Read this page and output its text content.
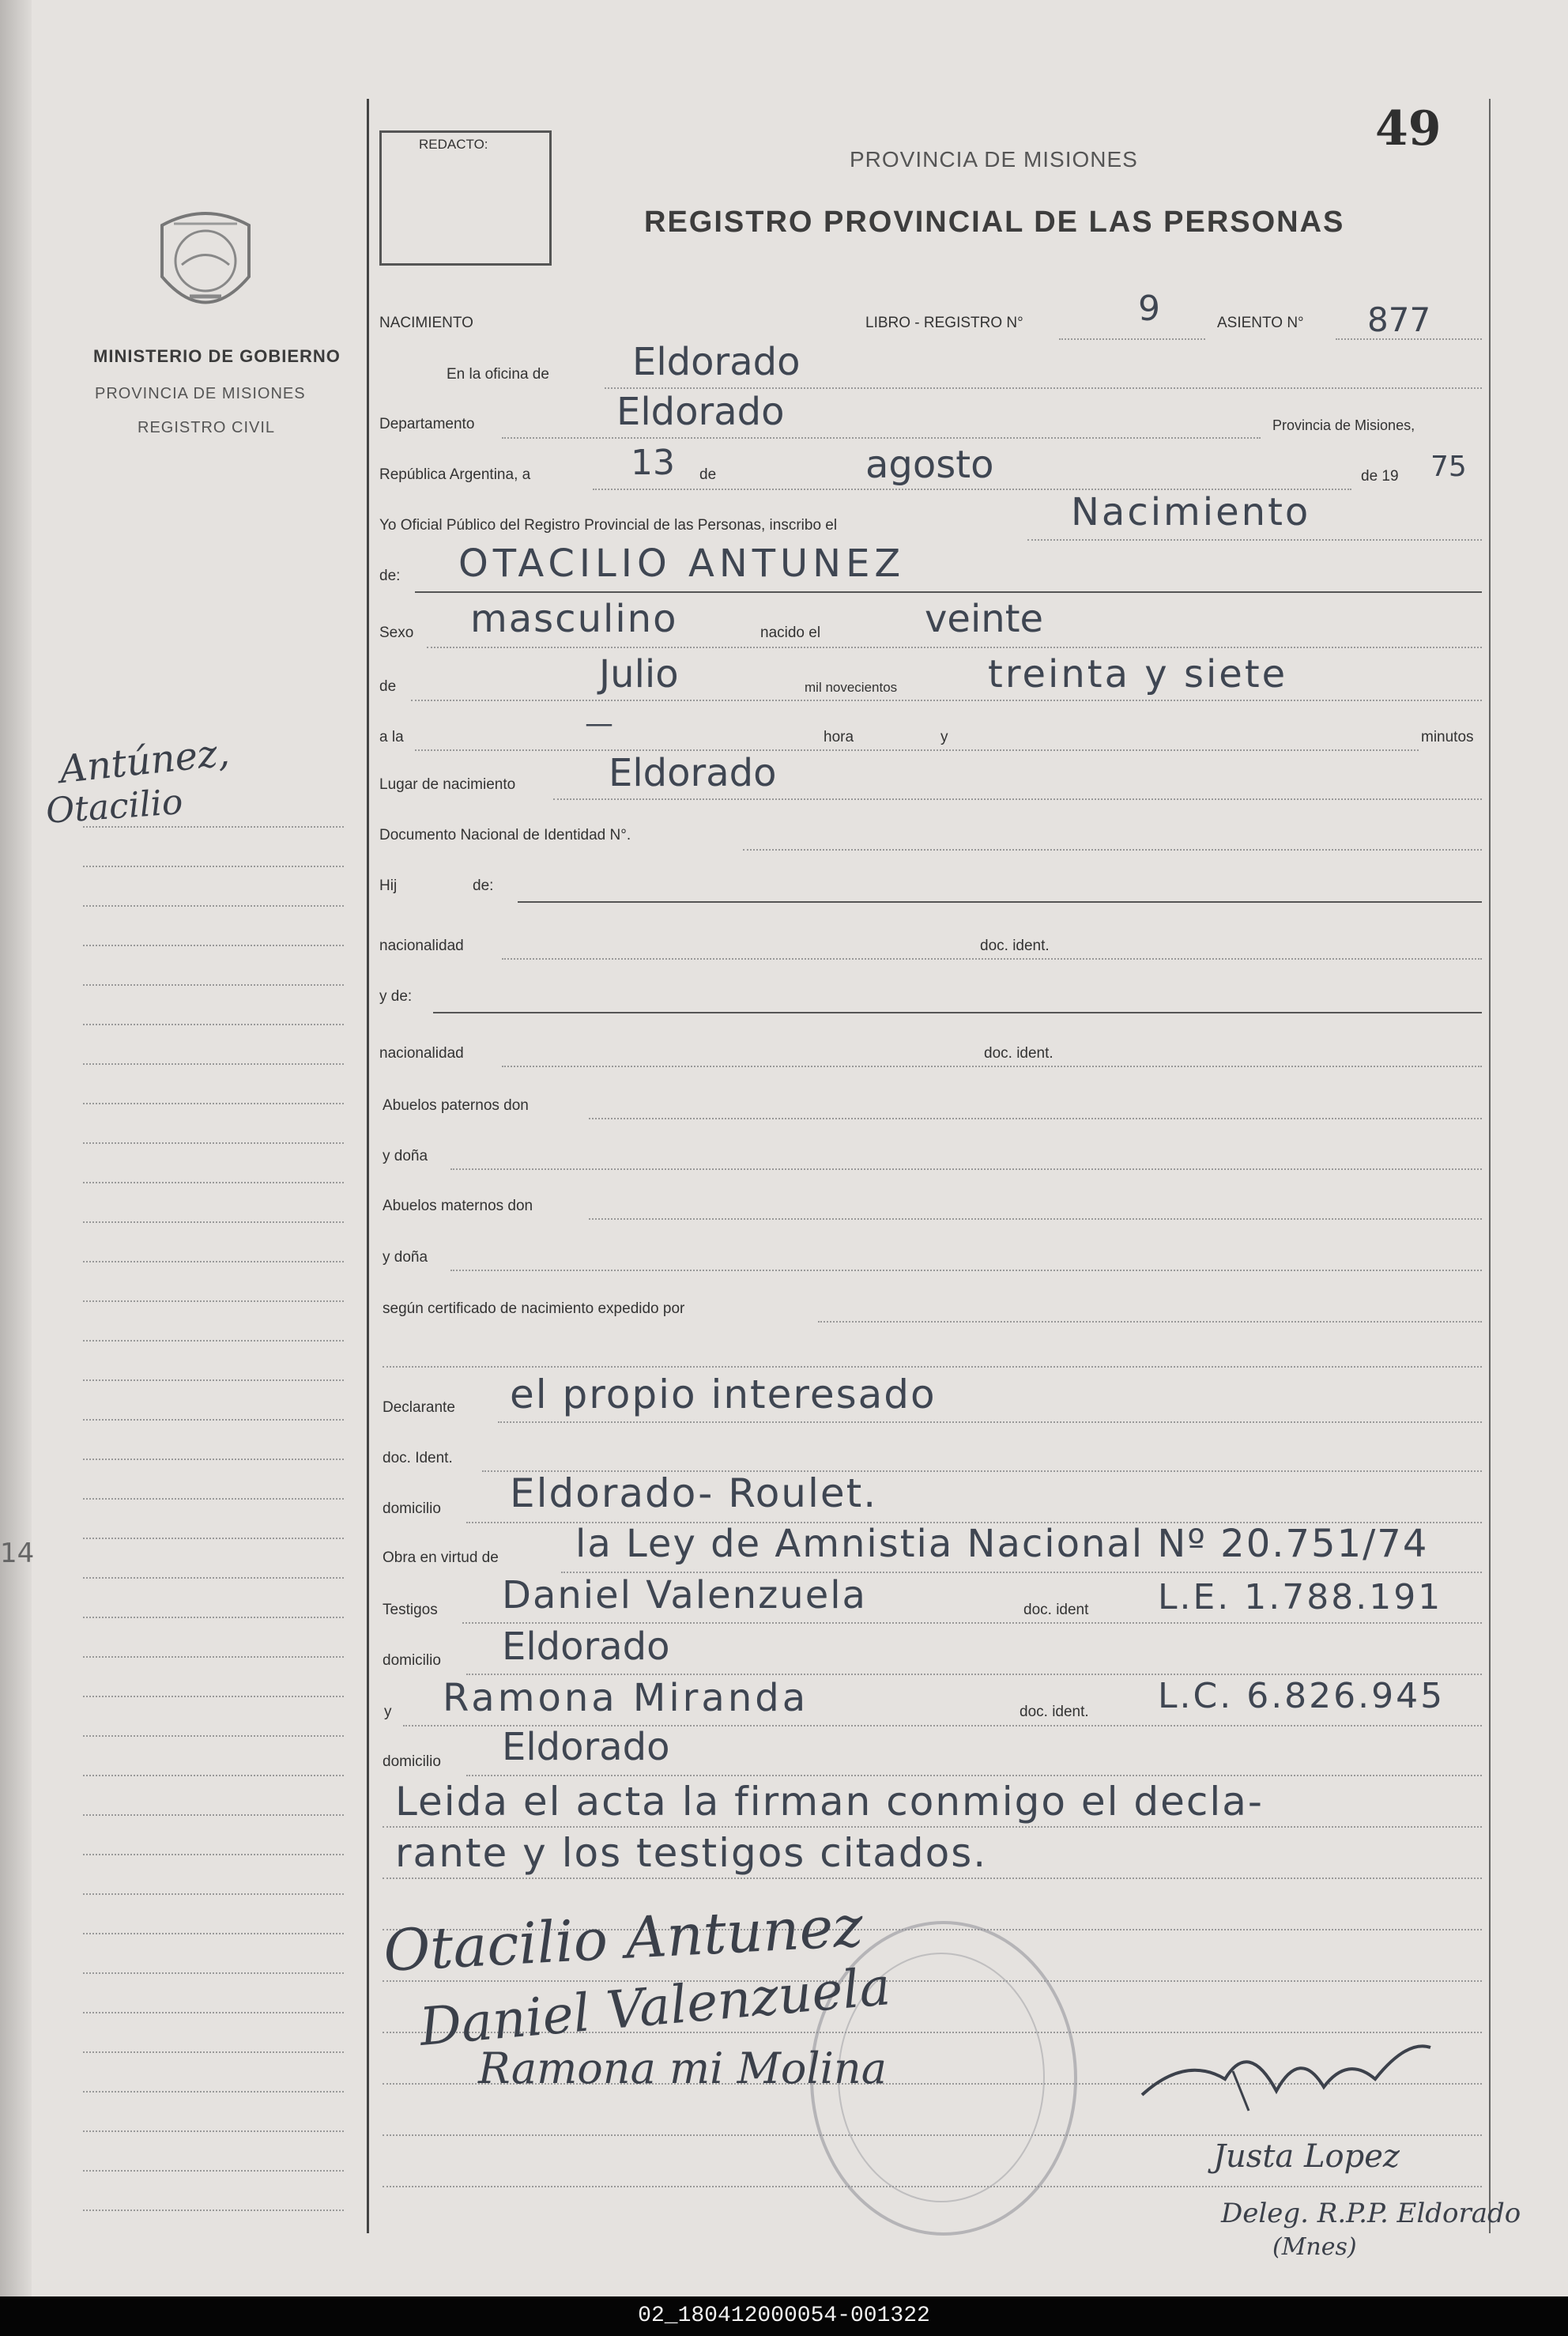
MINISTERIO DE GOBIERNO
PROVINCIA DE MISIONES
REGISTRO CIVIL
Antúnez,
Otacilio
14
REDACTO:
PROVINCIA DE MISIONES
REGISTRO PROVINCIAL DE LAS PERSONAS
49
NACIMIENTO	LIBRO - REGISTRO N°	9	ASIENTO N° 877
En la oficina de Eldorado
Departamento	Eldorado	Provincia de Misiones,
República Argentina, a	13 de	agosto	de 19 75
Yo Oficial Público del Registro Provincial de las Personas, inscribo el	Nacimiento
de: OTACILIO ANTUNEZ
Sexo masculino	nacido el	veinte
de	Julio	mil novecientos treinta y siete
a la	—	hora	y	minutos
Lugar de nacimiento Eldorado
Documento Nacional de Identidad N°.
Hij	de:
nacionalidad	doc. ident.
y de:
nacionalidad	doc. ident.
Abuelos paternos don
y doña
Abuelos maternos don
y doña
según certificado de nacimiento expedido por
Declarante el propio interesado
doc. Ident.
domicilio Eldorado- Roulet.
Obra en virtud de la Ley de Amnistia Nacional Nº 20.751/74
Testigos Daniel Valenzuela	doc. ident L.E. 1.788.191
domicilio Eldorado
y Ramona Miranda	doc. ident. L.C. 6.826.945
domicilio Eldorado
Leida el acta la firman conmigo el decla-
rante y los testigos citados.
Otacilio Antunez
Daniel Valenzuela
Ramona mi Molina
Justa Lopez
Deleg. R.P.P. Eldorado
(Mnes)
02_180412000054-001322
